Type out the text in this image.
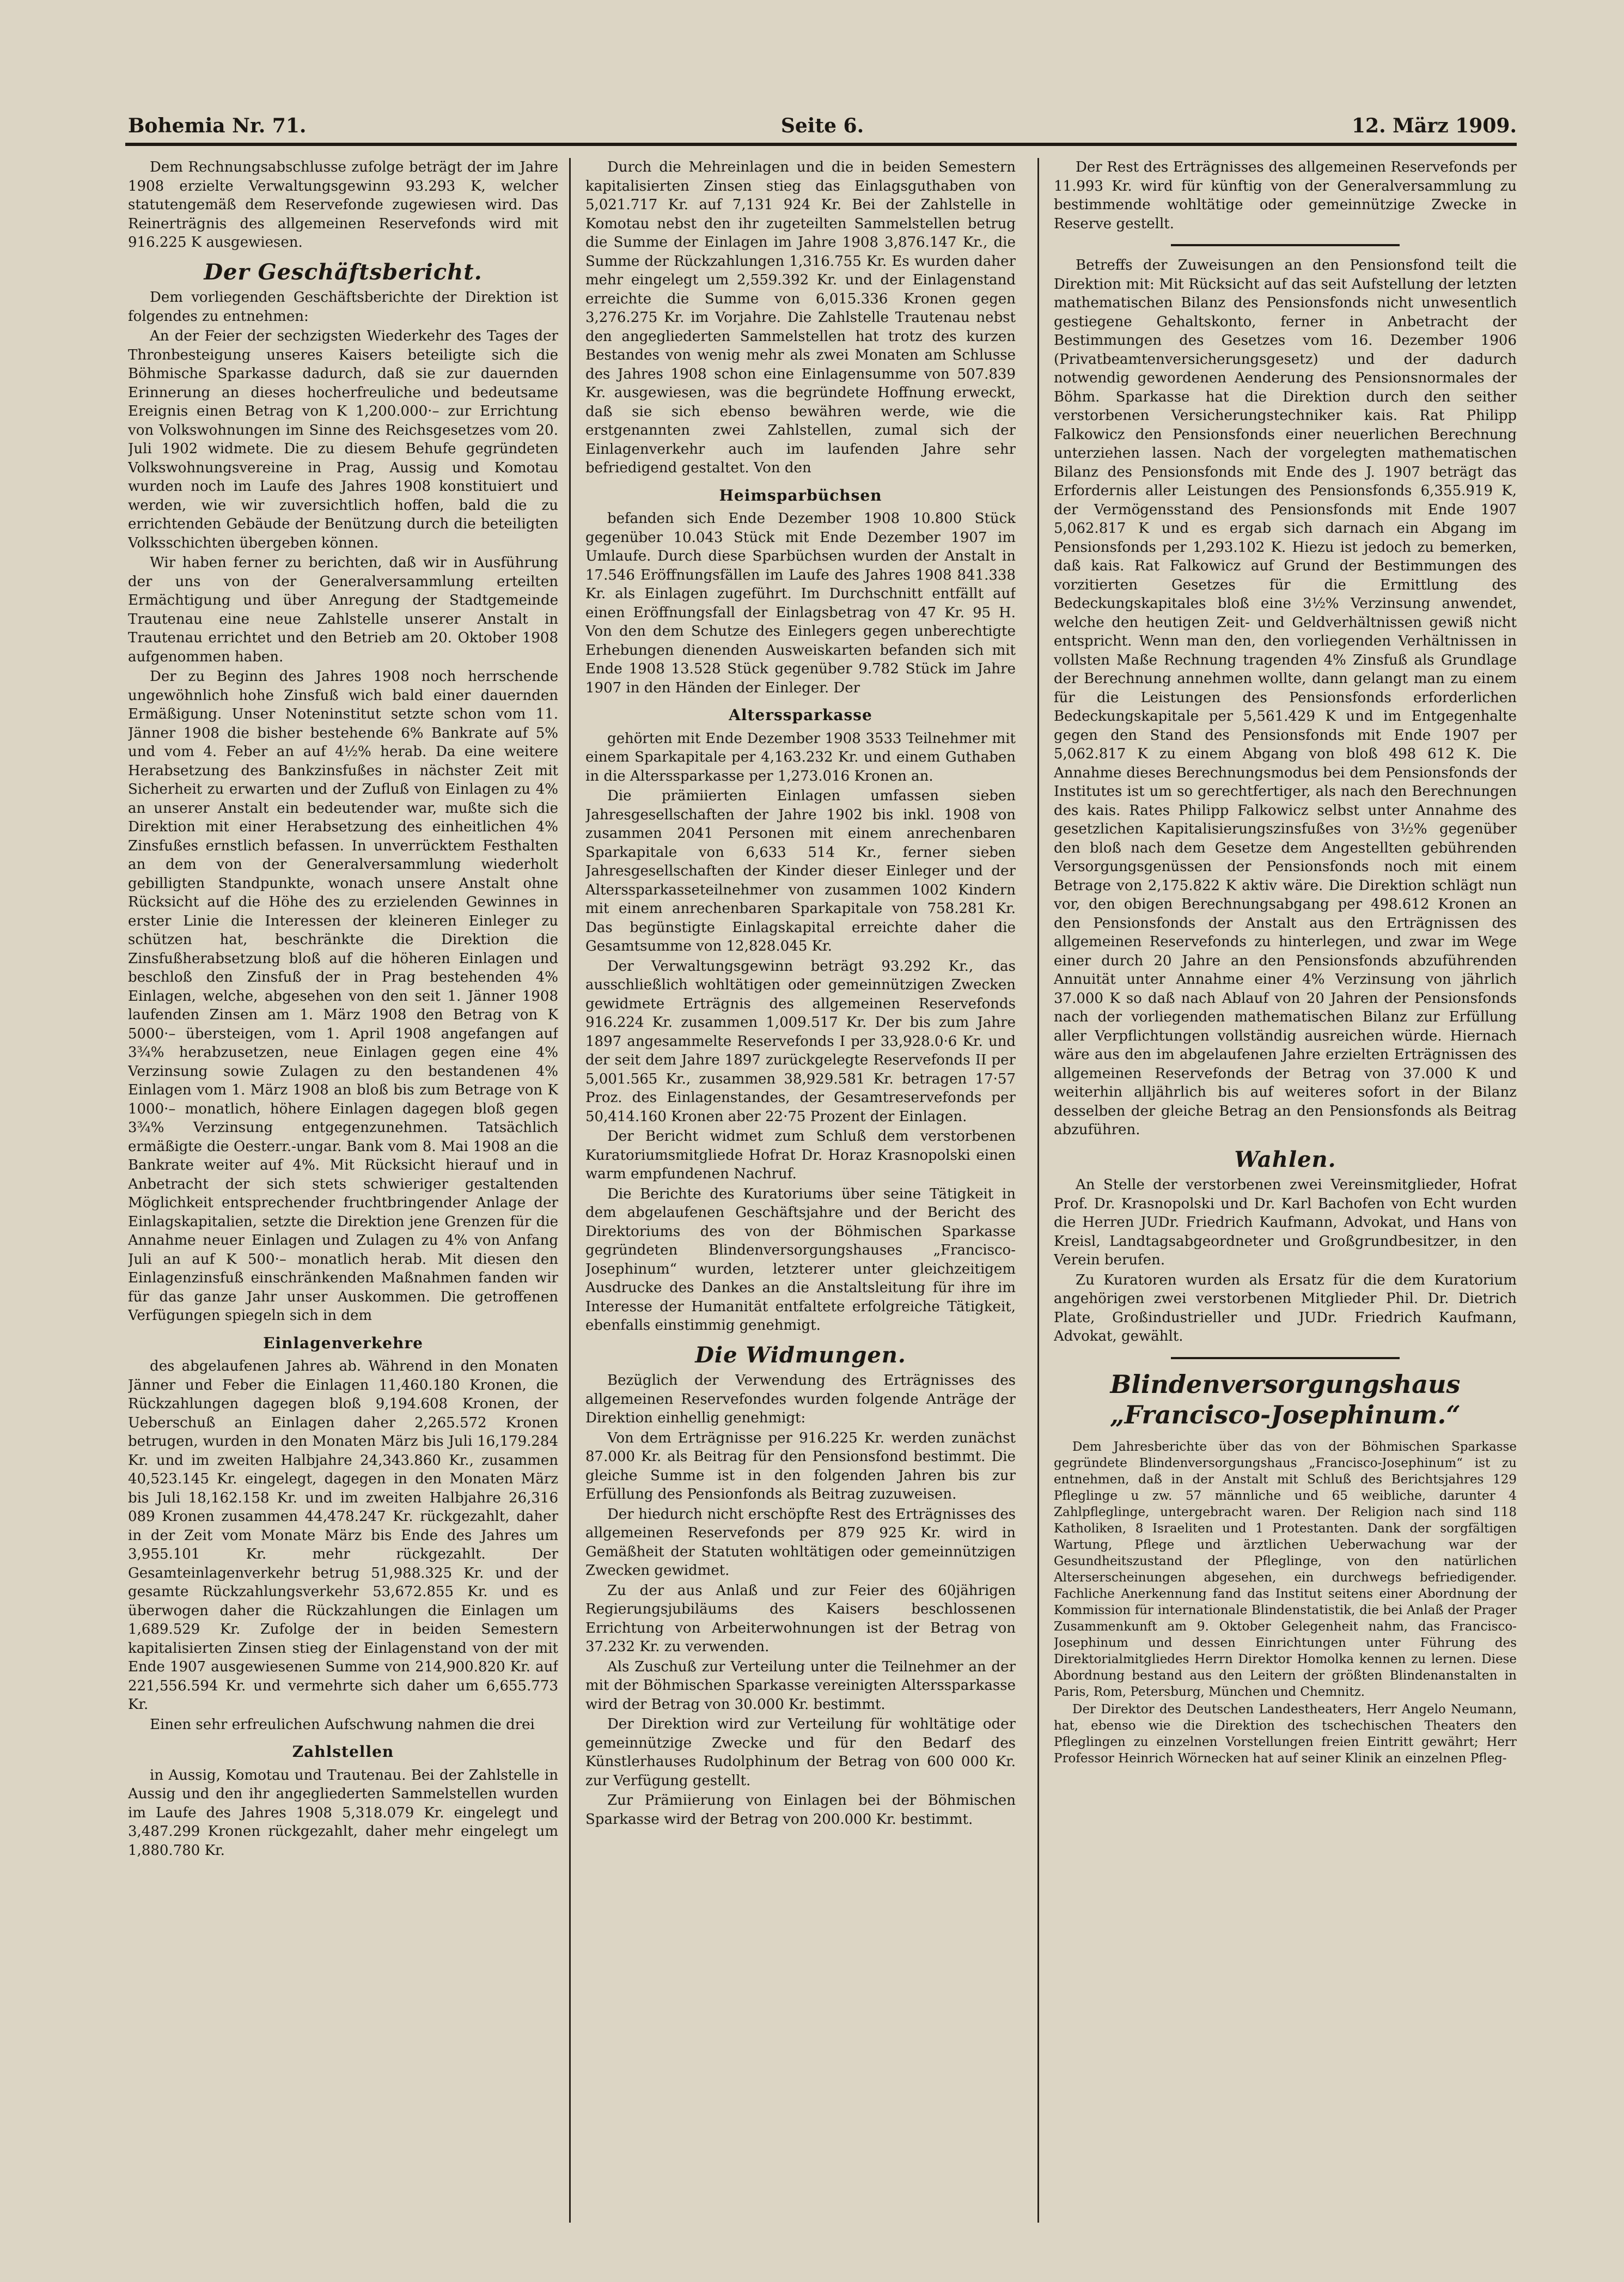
Bohemia Nr. 71.	Seite 6.	12. März 1909.

Dem Rechnungsabschlusse zufolge beträgt der im Jahre 1908 erzielte Verwaltungsgewinn 93.293 K, welcher statutengemäß dem Reservefonde zugewiesen wird. Das Reinerträgnis des allgemeinen Reservefonds wird mit 916.225 K ausgewiesen.

Der Geschäftsbericht.

Dem vorliegenden Geschäftsberichte der Direktion ist folgendes zu entnehmen:

An der Feier der sechzigsten Wiederkehr des Tages der Thronbesteigung unseres Kaisers beteiligte sich die Böhmische Sparkasse dadurch, daß sie zur dauernden Erinnerung an dieses hocherfreuliche und bedeutsame Ereignis einen Betrag von K 1,200.000·– zur Errichtung von Volkswohnungen im Sinne des Reichsgesetzes vom 20. Juli 1902 widmete. Die zu diesem Behufe gegründeten Volkswohnungsvereine in Prag, Aussig und Komotau wurden noch im Laufe des Jahres 1908 konstituiert und werden, wie wir zuversichtlich hoffen, bald die zu errichtenden Gebäude der Benützung durch die beteiligten Volksschichten übergeben können.

Wir haben ferner zu berichten, daß wir in Ausführung der uns von der Generalversammlung erteilten Ermächtigung und über Anregung der Stadtgemeinde Trautenau eine neue Zahlstelle unserer Anstalt in Trautenau errichtet und den Betrieb am 20. Oktober 1908 aufgenommen haben.

Der zu Beginn des Jahres 1908 noch herrschende ungewöhnlich hohe Zinsfuß wich bald einer dauernden Ermäßigung. Unser Noteninstitut setzte schon vom 11. Jänner 1908 die bisher bestehende 6% Bankrate auf 5% und vom 4. Feber an auf 4½% herab. Da eine weitere Herabsetzung des Bankzinsfußes in nächster Zeit mit Sicherheit zu erwarten und der Zufluß von Einlagen zu 4% an unserer Anstalt ein bedeutender war, mußte sich die Direktion mit einer Herabsetzung des einheitlichen 4% Zinsfußes ernstlich befassen. In unverrücktem Festhalten an dem von der Generalversammlung wiederholt gebilligten Standpunkte, wonach unsere Anstalt ohne Rücksicht auf die Höhe des zu erzielenden Gewinnes in erster Linie die Interessen der kleineren Einleger zu schützen hat, beschränkte die Direktion die Zinsfußherabsetzung bloß auf die höheren Einlagen und beschloß den Zinsfuß der in Prag bestehenden 4% Einlagen, welche, abgesehen von den seit 1. Jänner 1908 laufenden Zinsen am 1. März 1908 den Betrag von K 5000·– übersteigen, vom 1. April 1908 angefangen auf 3¾% herabzusetzen, neue Einlagen gegen eine 4% Verzinsung sowie Zulagen zu den bestandenen 4% Einlagen vom 1. März 1908 an bloß bis zum Betrage von K 1000·– monatlich, höhere Einlagen dagegen bloß gegen 3¾% Verzinsung entgegenzunehmen. Tatsächlich ermäßigte die Oesterr.-ungar. Bank vom 8. Mai 1908 an die Bankrate weiter auf 4%. Mit Rücksicht hierauf und in Anbetracht der sich stets schwieriger gestaltenden Möglichkeit entsprechender fruchtbringender Anlage der Einlagskapitalien, setzte die Direktion jene Grenzen für die Annahme neuer Einlagen und Zulagen zu 4% von Anfang Juli an auf K 500·– monatlich herab. Mit diesen den Einlagenzinsfuß einschränkenden Maßnahmen fanden wir für das ganze Jahr unser Auskommen. Die getroffenen Verfügungen spiegeln sich in dem

Einlagenverkehre

des abgelaufenen Jahres ab. Während in den Monaten Jänner und Feber die Einlagen 11,460.180 Kronen, die Rückzahlungen dagegen bloß 9,194.608 Kronen, der Ueberschuß an Einlagen daher 2,265.572 Kronen betrugen, wurden in den Monaten März bis Juli 16,179.284 Kr. und im zweiten Halbjahre 24,343.860 Kr., zusammen 40,523.145 Kr. eingelegt, dagegen in den Monaten März bis Juli 18,162.158 Kr. und im zweiten Halbjahre 26,316 089 Kronen zusammen 44,478.247 Kr. rückgezahlt, daher in der Zeit vom Monate März bis Ende des Jahres um 3,955.101 Kr. mehr rückgezahlt. Der Gesamteinlagenverkehr betrug 51,988.325 Kr. und der gesamte Rückzahlungsverkehr 53,672.855 Kr. und es überwogen daher die Rückzahlungen die Einlagen um 1,689.529 Kr. Zufolge der in beiden Semestern kapitalisierten Zinsen stieg der Einlagenstand von der mit Ende 1907 ausgewiesenen Summe von 214,900.820 Kr. auf 221,556.594 Kr. und vermehrte sich daher um 6,655.773 Kr.

Einen sehr erfreulichen Aufschwung nahmen die drei

Zahlstellen

in Aussig, Komotau und Trautenau. Bei der Zahlstelle in Aussig und den ihr angegliederten Sammelstellen wurden im Laufe des Jahres 1908 5,318.079 Kr. eingelegt und 3,487.299 Kronen rückgezahlt, daher mehr eingelegt um 1,880.780 Kr.

Durch die Mehreinlagen und die in beiden Semestern kapitalisierten Zinsen stieg das Einlagsguthaben von 5,021.717 Kr. auf 7,131 924 Kr. Bei der Zahlstelle in Komotau nebst den ihr zugeteilten Sammelstellen betrug die Summe der Einlagen im Jahre 1908 3,876.147 Kr., die Summe der Rückzahlungen 1,316.755 Kr. Es wurden daher mehr eingelegt um 2,559.392 Kr. und der Einlagenstand erreichte die Summe von 6,015.336 Kronen gegen 3,276.275 Kr. im Vorjahre. Die Zahlstelle Trautenau nebst den angegliederten Sammelstellen hat trotz des kurzen Bestandes von wenig mehr als zwei Monaten am Schlusse des Jahres 1908 schon eine Einlagensumme von 507.839 Kr. ausgewiesen, was die begründete Hoffnung erweckt, daß sie sich ebenso bewähren werde, wie die erstgenannten zwei Zahlstellen, zumal sich der Einlagenverkehr auch im laufenden Jahre sehr befriedigend gestaltet. Von den

Heimsparbüchsen

befanden sich Ende Dezember 1908 10.800 Stück gegenüber 10.043 Stück mit Ende Dezember 1907 im Umlaufe. Durch diese Sparbüchsen wurden der Anstalt in 17.546 Eröffnungsfällen im Laufe des Jahres 1908 841.338 Kr. als Einlagen zugeführt. Im Durchschnitt entfällt auf einen Eröffnungsfall der Einlagsbetrag von 47 Kr. 95 H. Von den dem Schutze des Einlegers gegen unberechtigte Erhebungen dienenden Ausweiskarten befanden sich mit Ende 1908 13.528 Stück gegenüber 9.782 Stück im Jahre 1907 in den Händen der Einleger. Der

Alterssparkasse

gehörten mit Ende Dezember 1908 3533 Teilnehmer mit einem Sparkapitale per 4,163.232 Kr. und einem Guthaben in die Alterssparkasse per 1,273.016 Kronen an.

Die prämiierten Einlagen umfassen sieben Jahresgesellschaften der Jahre 1902 bis inkl. 1908 von zusammen 2041 Personen mit einem anrechenbaren Sparkapitale von 6,633 514 Kr., ferner sieben Jahresgesellschaften der Kinder dieser Einleger und der Alterssparkasseteilnehmer von zusammen 1002 Kindern mit einem anrechenbaren Sparkapitale von 758.281 Kr. Das begünstigte Einlagskapital erreichte daher die Gesamtsumme von 12,828.045 Kr.

Der Verwaltungsgewinn beträgt 93.292 Kr., das ausschließlich wohltätigen oder gemeinnützigen Zwecken gewidmete Erträgnis des allgemeinen Reservefonds 916.224 Kr. zusammen 1,009.517 Kr. Der bis zum Jahre 1897 angesammelte Reservefonds I per 33,928.0·6 Kr. und der seit dem Jahre 1897 zurückgelegte Reservefonds II per 5,001.565 Kr., zusammen 38,929.581 Kr. betragen 17·57 Proz. des Einlagenstandes, der Gesamtreservefonds per 50,414.160 Kronen aber 22·75 Prozent der Einlagen.

Der Bericht widmet zum Schluß dem verstorbenen Kuratoriumsmitgliede Hofrat Dr. Horaz Krasnopolski einen warm empfundenen Nachruf.

Die Berichte des Kuratoriums über seine Tätigkeit in dem abgelaufenen Geschäftsjahre und der Bericht des Direktoriums des von der Böhmischen Sparkasse gegründeten Blindenversorgungshauses „Francisco-Josephinum“ wurden, letzterer unter gleichzeitigem Ausdrucke des Dankes an die Anstaltsleitung für ihre im Interesse der Humanität entfaltete erfolgreiche Tätigkeit, ebenfalls einstimmig genehmigt.

Die Widmungen.

Bezüglich der Verwendung des Erträgnisses des allgemeinen Reservefondes wurden folgende Anträge der Direktion einhellig genehmigt:

Von dem Erträgnisse per 916.225 Kr. werden zunächst 87.000 Kr. als Beitrag für den Pensionsfond bestimmt. Die gleiche Summe ist in den folgenden Jahren bis zur Erfüllung des Pensionfonds als Beitrag zuzuweisen.

Der hiedurch nicht erschöpfte Rest des Erträgnisses des allgemeinen Reservefonds per 879 925 Kr. wird in Gemäßheit der Statuten wohltätigen oder gemeinnützigen Zwecken gewidmet.

Zu der aus Anlaß und zur Feier des 60jährigen Regierungsjubiläums des Kaisers beschlossenen Errichtung von Arbeiterwohnungen ist der Betrag von 37.232 Kr. zu verwenden.

Als Zuschuß zur Verteilung unter die Teilnehmer an der mit der Böhmischen Sparkasse vereinigten Alterssparkasse wird der Betrag von 30.000 Kr. bestimmt.

Der Direktion wird zur Verteilung für wohltätige oder gemeinnützige Zwecke und für den Bedarf des Künstlerhauses Rudolphinum der Betrag von 600 000 Kr. zur Verfügung gestellt.

Zur Prämiierung von Einlagen bei der Böhmischen Sparkasse wird der Betrag von 200.000 Kr. bestimmt.

Der Rest des Erträgnisses des allgemeinen Reservefonds per 11.993 Kr. wird für künftig von der Generalversammlung zu bestimmende wohltätige oder gemeinnützige Zwecke in Reserve gestellt.

Betreffs der Zuweisungen an den Pensionsfond teilt die Direktion mit: Mit Rücksicht auf das seit Aufstellung der letzten mathematischen Bilanz des Pensionsfonds nicht unwesentlich gestiegene Gehaltskonto, ferner in Anbetracht der Bestimmungen des Gesetzes vom 16. Dezember 1906 (Privatbeamtenversicherungsgesetz) und der dadurch notwendig gewordenen Aenderung des Pensionsnormales der Böhm. Sparkasse hat die Direktion durch den seither verstorbenen Versicherungstechniker kais. Rat Philipp Falkowicz den Pensionsfonds einer neuerlichen Berechnung unterziehen lassen. Nach der vorgelegten mathematischen Bilanz des Pensionsfonds mit Ende des J. 1907 beträgt das Erfordernis aller Leistungen des Pensionsfonds 6,355.919 K, der Vermögensstand des Pensionsfonds mit Ende 1907 5,062.817 K und es ergab sich darnach ein Abgang im Pensionsfonds per 1,293.102 K. Hiezu ist jedoch zu bemerken, daß kais. Rat Falkowicz auf Grund der Bestimmungen des vorzitierten Gesetzes für die Ermittlung des Bedeckungskapitales bloß eine 3½% Verzinsung anwendet, welche den heutigen Zeit- und Geldverhältnissen gewiß nicht entspricht. Wenn man den, den vorliegenden Verhältnissen in vollsten Maße Rechnung tragenden 4% Zinsfuß als Grundlage der Berechnung annehmen wollte, dann gelangt man zu einem für die Leistungen des Pensionsfonds erforderlichen Bedeckungskapitale per 5,561.429 K und im Entgegenhalte gegen den Stand des Pensionsfonds mit Ende 1907 per 5,062.817 K zu einem Abgang von bloß 498 612 K. Die Annahme dieses Berechnungsmodus bei dem Pensionsfonds der Institutes ist um so gerechtfertiger, als nach den Berechnungen des kais. Rates Philipp Falkowicz selbst unter Annahme des gesetzlichen Kapitalisierungszinsfußes von 3½% gegenüber den bloß nach dem Gesetze dem Angestellten gebührenden Versorgungsgenüssen der Pensionsfonds noch mit einem Betrage von 2,175.822 K aktiv wäre. Die Direktion schlägt nun vor, den obigen Berechnungsabgang per 498.612 Kronen an den Pensionsfonds der Anstalt aus den Erträgnissen des allgemeinen Reservefonds zu hinterlegen, und zwar im Wege einer durch 20 Jahre an den Pensionsfonds abzuführenden Annuität unter Annahme einer 4% Verzinsung von jährlich 37.000 K so daß nach Ablauf von 20 Jahren der Pensionsfonds nach der vorliegenden mathematischen Bilanz zur Erfüllung aller Verpflichtungen vollständig ausreichen würde. Hiernach wäre aus den im abgelaufenen Jahre erzielten Erträgnissen des allgemeinen Reservefonds der Betrag von 37.000 K und weiterhin alljährlich bis auf weiteres sofort in der Bilanz desselben der gleiche Betrag an den Pensionsfonds als Beitrag abzuführen.

Wahlen.

An Stelle der verstorbenen zwei Vereinsmitglieder, Hofrat Prof. Dr. Krasnopolski und Dr. Karl Bachofen von Echt wurden die Herren JUDr. Friedrich Kaufmann, Advokat, und Hans von Kreisl, Landtagsabgeordneter und Großgrundbesitzer, in den Verein berufen.

Zu Kuratoren wurden als Ersatz für die dem Kuratorium angehörigen zwei verstorbenen Mitglieder Phil. Dr. Dietrich Plate, Großindustrieller und JUDr. Friedrich Kaufmann, Advokat, gewählt.

Blindenversorgungshaus „Francisco-Josephinum.“

Dem Jahresberichte über das von der Böhmischen Sparkasse gegründete Blindenversorgungshaus „Francisco-Josephinum“ ist zu entnehmen, daß in der Anstalt mit Schluß des Berichtsjahres 129 Pfleglinge u zw. 57 männliche und 65 weibliche, darunter 4 Zahlpfleglinge, untergebracht waren. Der Religion nach sind 118 Katholiken, 8 Israeliten und 1 Protestanten. Dank der sorgfältigen Wartung, Pflege und ärztlichen Ueberwachung war der Gesundheitszustand der Pfleglinge, von den natürlichen Alterserscheinungen abgesehen, ein durchwegs befriedigender. Fachliche Anerkennung fand das Institut seitens einer Abordnung der Kommission für internationale Blindenstatistik, die bei Anlaß der Prager Zusammenkunft am 9. Oktober Gelegenheit nahm, das Francisco-Josephinum und dessen Einrichtungen unter Führung des Direktorialmitgliedes Herrn Direktor Homolka kennen zu lernen. Diese Abordnung bestand aus den Leitern der größten Blindenanstalten in Paris, Rom, Petersburg, München und Chemnitz.

Der Direktor des Deutschen Landestheaters, Herr Angelo Neumann, hat, ebenso wie die Direktion des tschechischen Theaters den Pfleglingen zu einzelnen Vorstellungen freien Eintritt gewährt; Herr Professor Heinrich Wörnecken hat auf seiner Klinik an einzelnen Pfleg-
